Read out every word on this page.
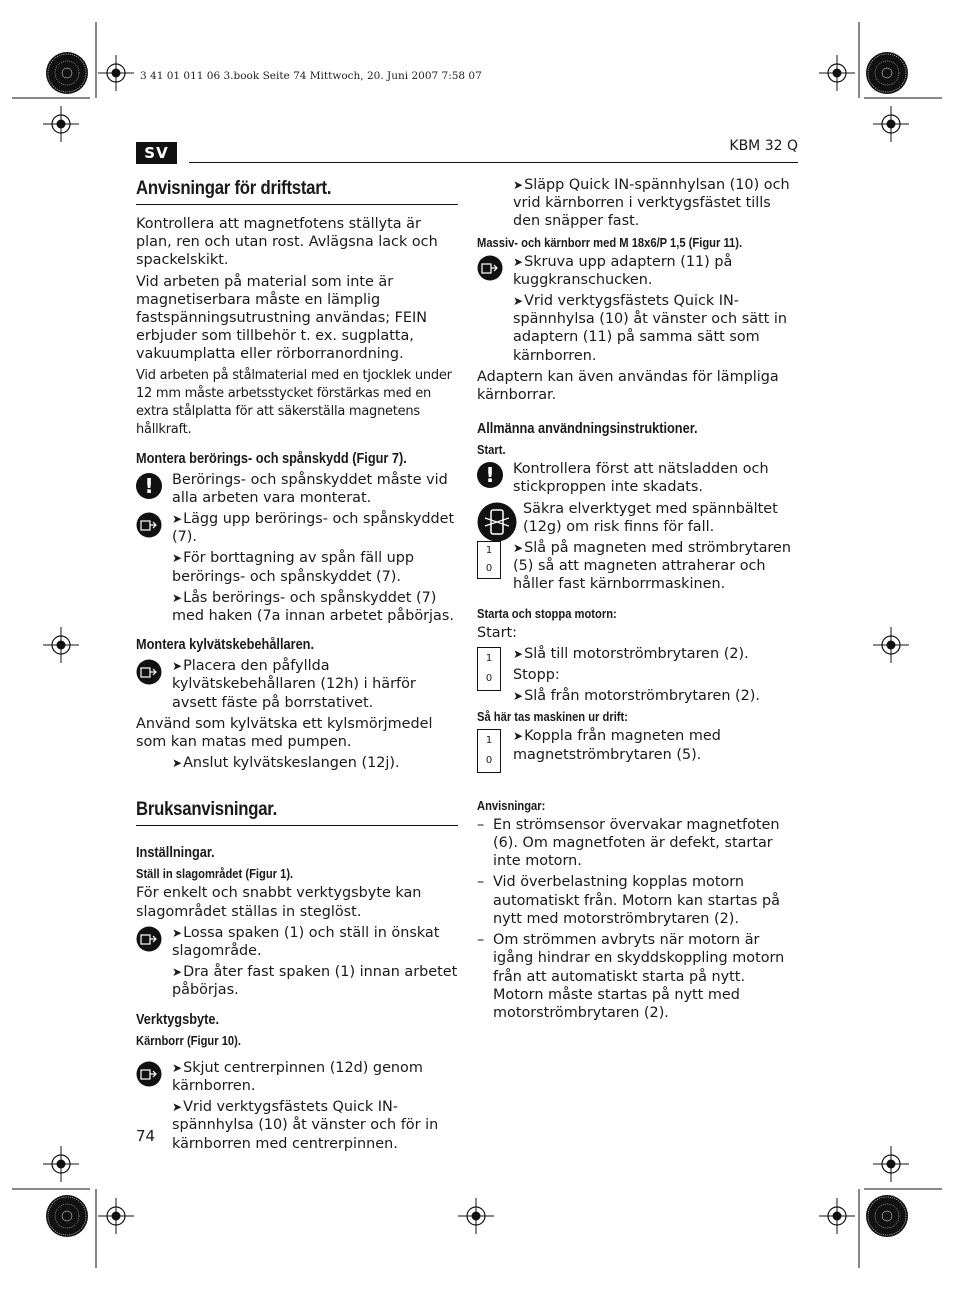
3 41 01 011 06 3.book Seite 74 Mittwoch, 20. Juni 2007 7:58 07
SV	KBM 32 Q
Anvisningar för driftstart.

Kontrollera att magnetfotens ställyta är plan, ren och utan rost. Avlägsna lack och spackelskikt.

Vid arbeten på material som inte är magnetiserbara måste en lämplig fastspänningsutrustning användas; FEIN erbjuder som tillbehör t. ex. sugplatta, vakuumplatta eller rörborranordning.

Vid arbeten på stålmaterial med en tjocklek under 12 mm måste arbetsstycket förstärkas med en extra stålplatta för att säkerställa magnetens hållkraft.

Montera berörings- och spånskydd (Figur 7).
!	Berörings- och spånskyddet måste vid alla arbeten vara monterat.
➤ Lägg upp berörings- och spånskyddet (7).

➤ För borttagning av spån fäll upp berörings- och spånskyddet (7).

➤ Lås berörings- och spånskyddet (7) med haken (7a innan arbetet påbörjas.

Montera kylvätskebehållaren.
➤ Placera den påfyllda kylvätskebehållaren (12h) i härför avsett fäste på borrstativet.

Använd som kylvätska ett kylsmörjmedel som kan matas med pumpen.

➤ Anslut kylvätskeslangen (12j).

Bruksanvisningar.
Inställningar.
Ställ in slagområdet (Figur 1).

För enkelt och snabbt verktygsbyte kan slagområdet ställas in steglöst.

➤ Lossa spaken (1) och ställ in önskat slagområde.

➤ Dra åter fast spaken (1) innan arbetet påbörjas.

Verktygsbyte.
Kärnborr (Figur 10).
➤ Skjut centrerpinnen (12d) genom kärnborren.

➤ Vrid verktygsfästets Quick IN-spännhylsa (10) åt vänster och för in kärnborren med centrerpinnen.

➤ Släpp Quick IN-spännhylsan (10) och vrid kärnborren i verktygsfästet tills den snäpper fast.

Massiv- och kärnborr med M 18x6/P 1,5 (Figur 11).
➤ Skruva upp adaptern (11) på kuggkranschucken.

➤ Vrid verktygsfästets Quick IN-spännhylsa (10) åt vänster och sätt in adaptern (11) på samma sätt som kärnborren.

Adaptern kan även användas för lämpliga kärnborrar.

Allmänna användningsinstruktioner.
Start.
!	Kontrollera först att nätsladden och stickproppen inte skadats.
Säkra elverktyget med spännbältet (12g) om risk finns för fall.
1
0
➤ Slå på magneten med strömbrytaren (5) så att magneten attraherar och håller fast kärnborrmaskinen.
Starta och stoppa motorn:

Start:

1
0
➤ Slå till motorströmbrytaren (2).

Stopp:

➤ Slå från motorströmbrytaren (2).

Så här tas maskinen ur drift:
1
0
➤ Koppla från magneten med magnetströmbrytaren (5).
Anvisningar:
– En strömsensor övervakar magnetfoten (6). Om magnetfoten är defekt, startar inte motorn.
– Vid överbelastning kopplas motorn automatiskt från. Motorn kan startas på nytt med motorströmbrytaren (2).
– Om strömmen avbryts när motorn är igång hindrar en skyddskoppling motorn från att automatiskt starta på nytt. Motorn måste startas på nytt med motorströmbrytaren (2).
74
